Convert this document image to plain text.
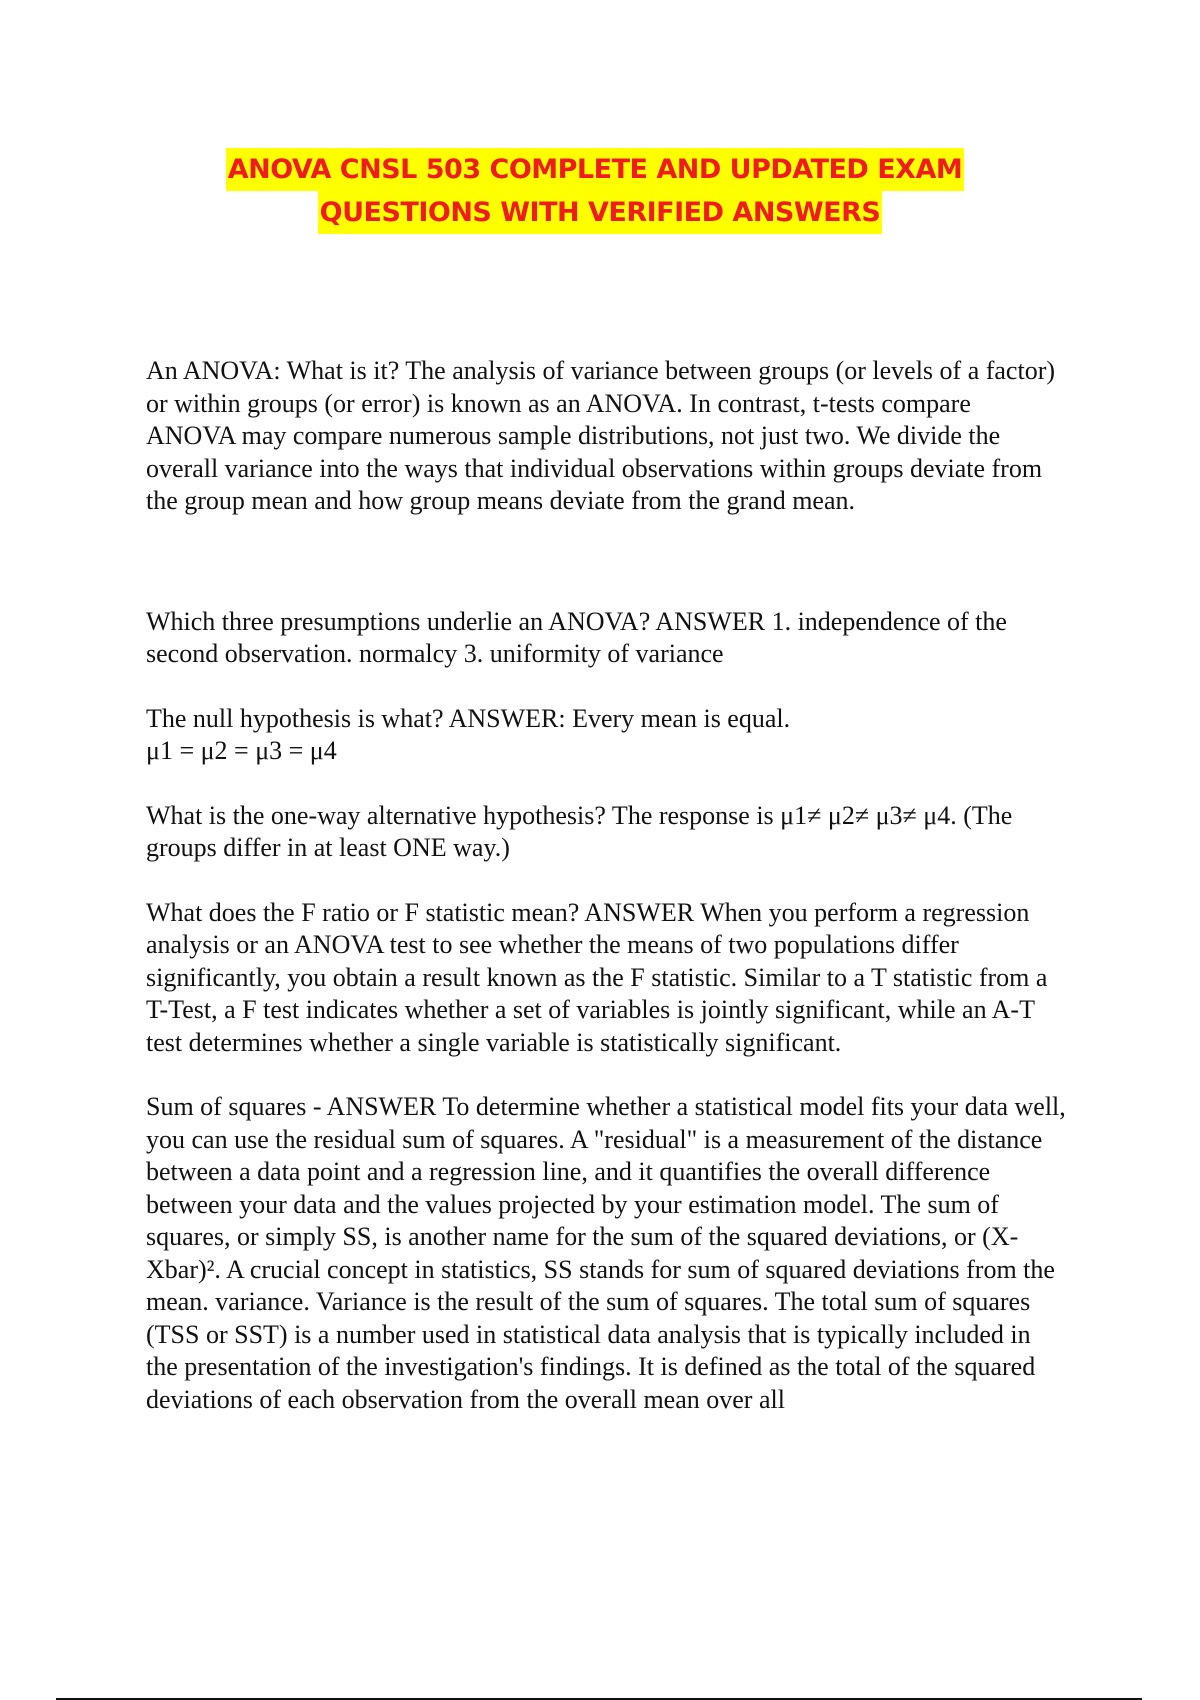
ANOVA CNSL 503 COMPLETE AND UPDATED EXAM
QUESTIONS WITH VERIFIED ANSWERS

An ANOVA: What is it? The analysis of variance between groups (or levels of a factor) or within groups (or error) is known as an ANOVA. In contrast, t-tests compare

ANOVA may compare numerous sample distributions, not just two. We divide the overall variance into the ways that individual observations within groups deviate from the group mean and how group means deviate from the grand mean.

Which three presumptions underlie an ANOVA? ANSWER 1. independence of the second observation. normalcy 3. uniformity of variance

The null hypothesis is what? ANSWER: Every mean is equal.

μ1 = μ2 = μ3 = μ4

What is the one-way alternative hypothesis? The response is μ1≠ μ2≠ μ3≠ μ4. (The groups differ in at least ONE way.)

What does the F ratio or F statistic mean? ANSWER When you perform a regression analysis or an ANOVA test to see whether the means of two populations differ significantly, you obtain a result known as the F statistic. Similar to a T statistic from a T-Test, a F test indicates whether a set of variables is jointly significant, while an A-T test determines whether a single variable is statistically significant.

Sum of squares - ANSWER To determine whether a statistical model fits your data well, you can use the residual sum of squares. A "residual" is a measurement of the distance between a data point and a regression line, and it quantifies the overall difference between your data and the values projected by your estimation model. The sum of squares, or simply SS, is another name for the sum of the squared deviations, or (X-Xbar)². A crucial concept in statistics, SS stands for sum of squared deviations from the mean. variance. Variance is the result of the sum of squares. The total sum of squares (TSS or SST) is a number used in statistical data analysis that is typically included in the presentation of the investigation's findings. It is defined as the total of the squared deviations of each observation from the overall mean over all
